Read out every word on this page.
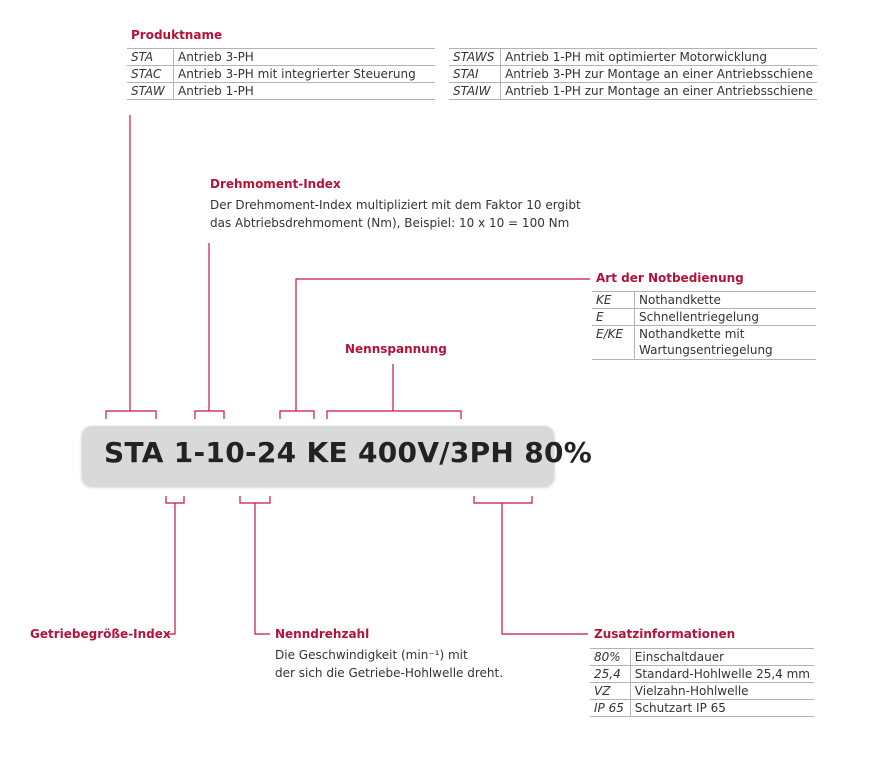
Produktname
STA	Antrieb 3-PH
STAC	Antrieb 3-PH mit integrierter Steuerung
STAW	Antrieb 1-PH
STAWS	Antrieb 1-PH mit optimierter Motorwicklung
STAI	Antrieb 3-PH zur Montage an einer Antriebsschiene
STAIW	Antrieb 1-PH zur Montage an einer Antriebsschiene
Drehmoment-Index
Der Drehmoment-Index multipliziert mit dem Faktor 10 ergibt
das Abtriebsdrehmoment (Nm), Beispiel: 10 x 10 = 100 Nm
Art der Notbedienung
KE	Nothandkette
E	Schnellentriegelung
E/KE	Nothandkette mit
Wartungsentriegelung
Nennspannung
STA 1-10-24 KE 400V/3PH 80%
Getriebegröße-Index	Nenndrehzahl
Die Geschwindigkeit (min⁻¹) mit
der sich die Getriebe-Hohlwelle dreht.
Zusatzinformationen
80%	Einschaltdauer
25,4	Standard-Hohlwelle 25,4 mm
VZ	Vielzahn-Hohlwelle
IP 65	Schutzart IP 65
